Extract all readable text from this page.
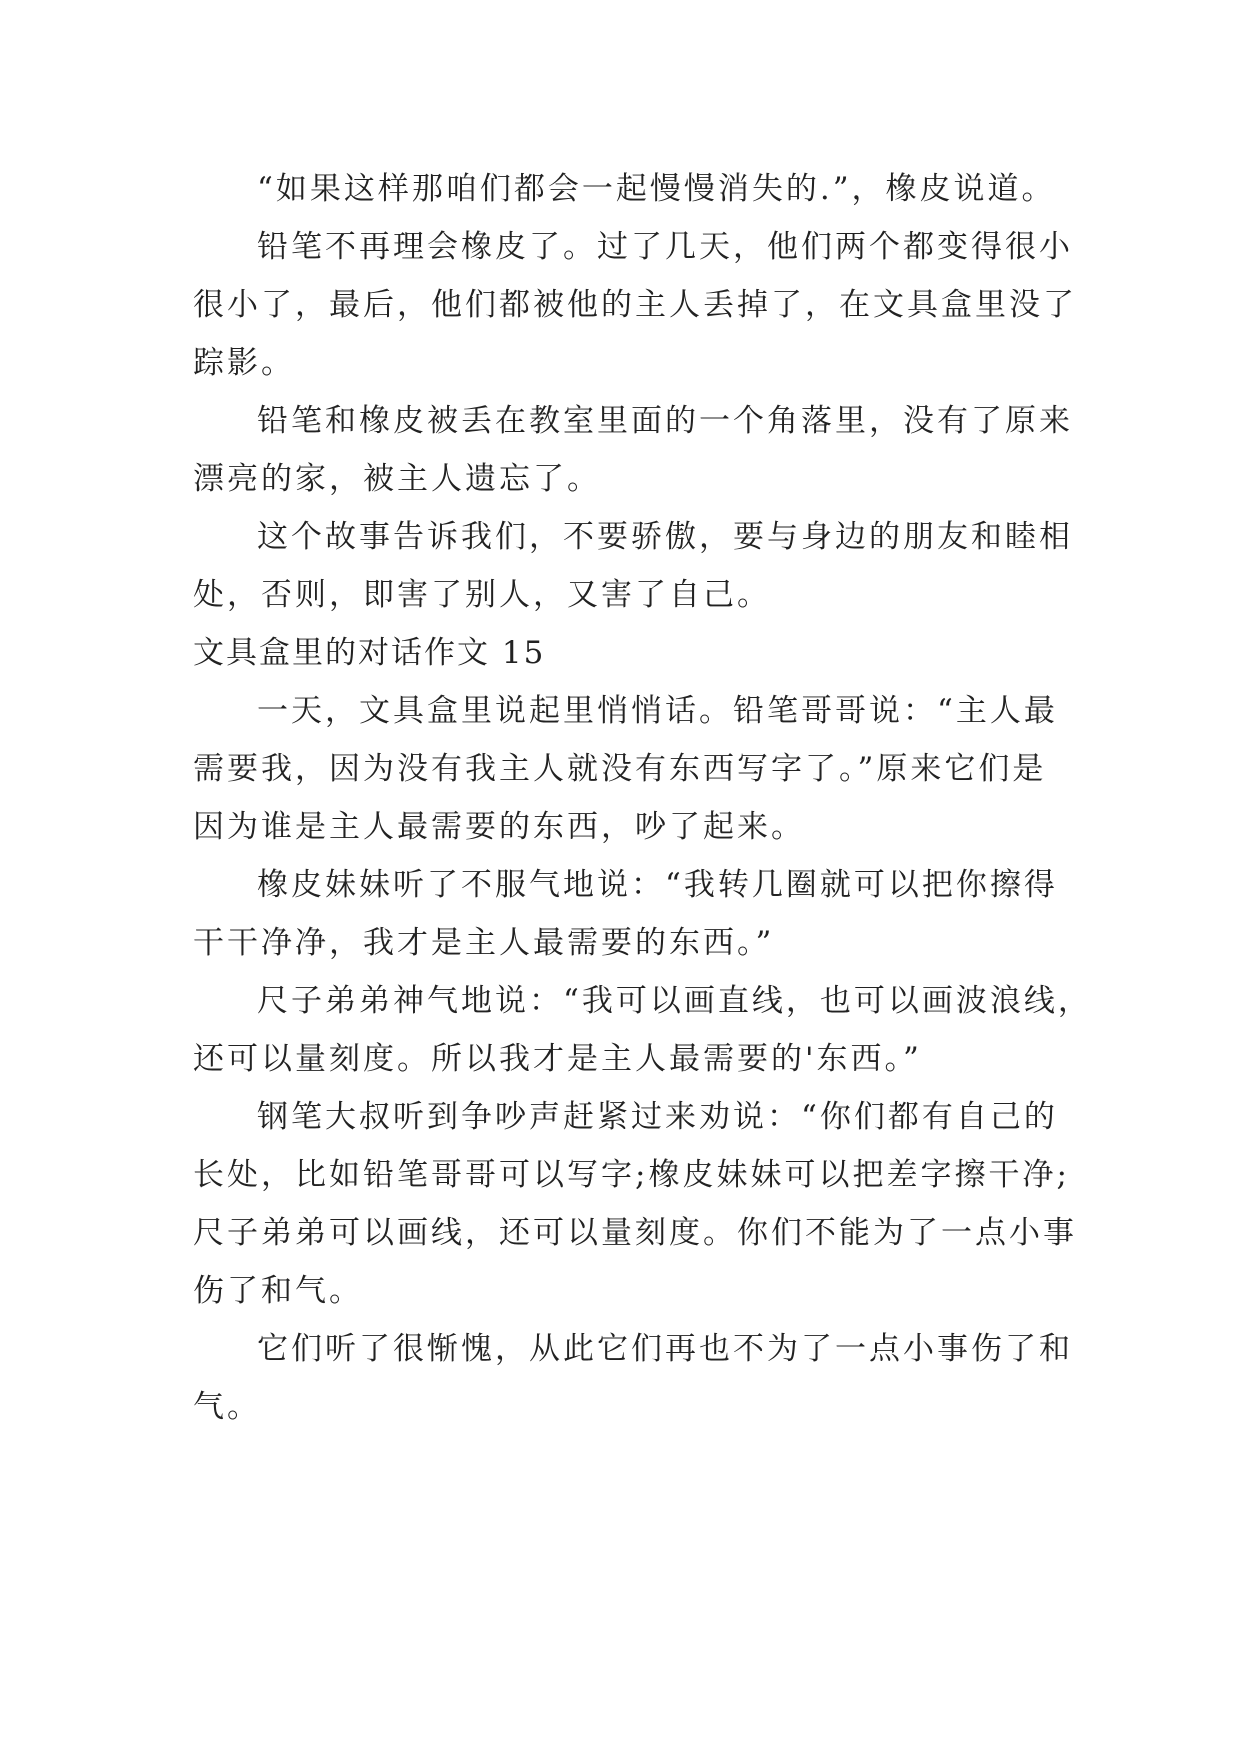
“如果这样那咱们都会一起慢慢消失的.”，橡皮说道。

铅笔不再理会橡皮了。过了几天，他们两个都变得很小
很小了，最后，他们都被他的主人丢掉了，在文具盒里没了
踪影。

铅笔和橡皮被丢在教室里面的一个角落里，没有了原来
漂亮的家，被主人遗忘了。

这个故事告诉我们，不要骄傲，要与身边的朋友和睦相
处，否则，即害了别人，又害了自己。

文具盒里的对话作文 15

一天，文具盒里说起里悄悄话。铅笔哥哥说：“主人最
需要我，因为没有我主人就没有东西写字了。”原来它们是
因为谁是主人最需要的东西，吵了起来。

橡皮妹妹听了不服气地说：“我转几圈就可以把你擦得
干干净净，我才是主人最需要的东西。”

尺子弟弟神气地说：“我可以画直线，也可以画波浪线，
还可以量刻度。所以我才是主人最需要的'东西。”

钢笔大叔听到争吵声赶紧过来劝说：“你们都有自己的
长处，比如铅笔哥哥可以写字;橡皮妹妹可以把差字擦干净;
尺子弟弟可以画线，还可以量刻度。你们不能为了一点小事
伤了和气。

它们听了很惭愧，从此它们再也不为了一点小事伤了和
气。
